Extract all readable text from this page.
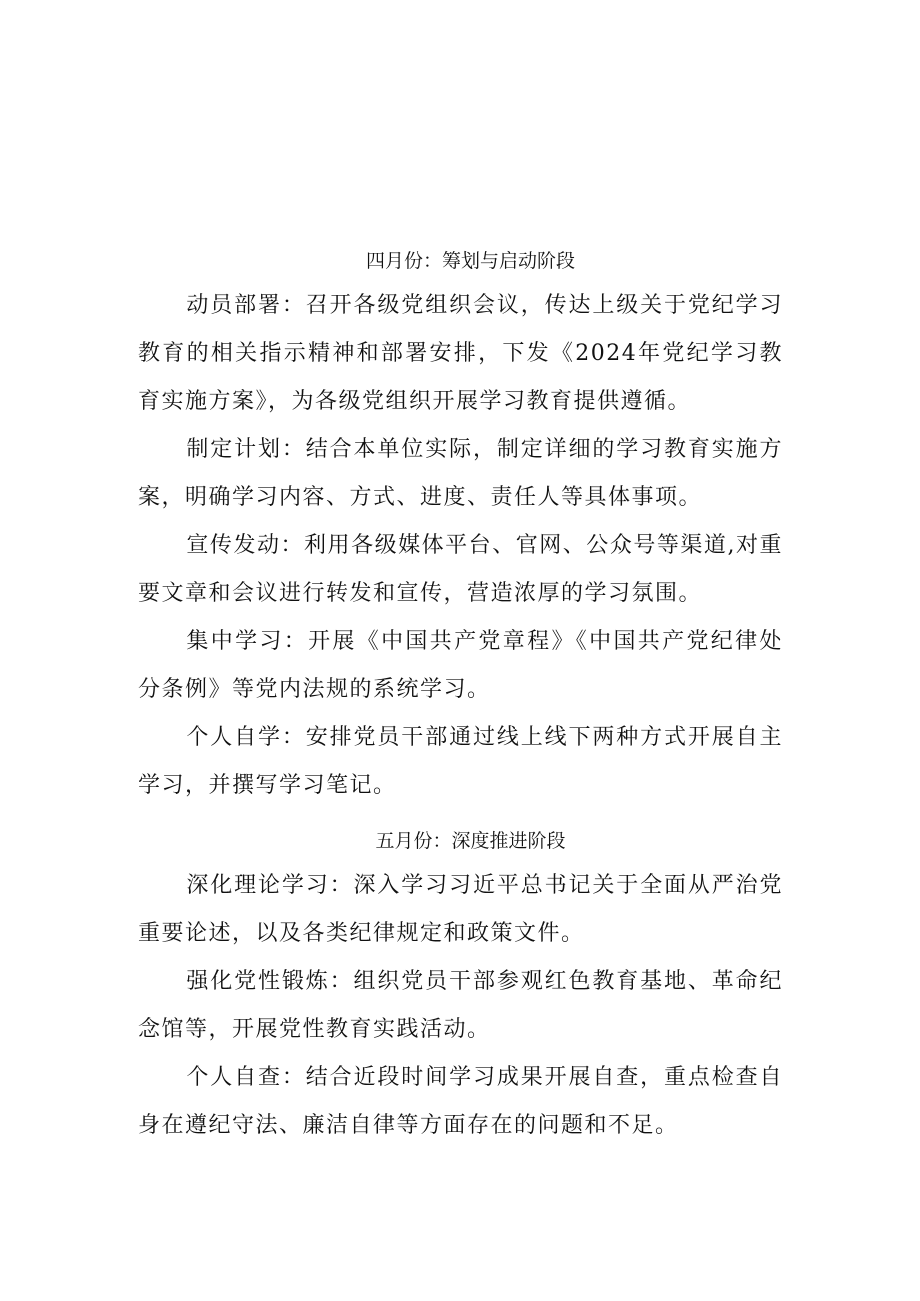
四月份：筹划与启动阶段

动员部署：召开各级党组织会议，传达上级关于党纪学习教育的相关指示精神和部署安排，下发《2024年党纪学习教育实施方案》，为各级党组织开展学习教育提供遵循。

制定计划：结合本单位实际，制定详细的学习教育实施方案，明确学习内容、方式、进度、责任人等具体事项。

宣传发动：利用各级媒体平台、官网、公众号等渠道,对重要文章和会议进行转发和宣传，营造浓厚的学习氛围。

集中学习：开展《中国共产党章程》《中国共产党纪律处分条例》等党内法规的系统学习。

个人自学：安排党员干部通过线上线下两种方式开展自主学习，并撰写学习笔记。

五月份：深度推进阶段

深化理论学习：深入学习习近平总书记关于全面从严治党重要论述，以及各类纪律规定和政策文件。

强化党性锻炼：组织党员干部参观红色教育基地、革命纪念馆等，开展党性教育实践活动。

个人自查：结合近段时间学习成果开展自查，重点检查自身在遵纪守法、廉洁自律等方面存在的问题和不足。
